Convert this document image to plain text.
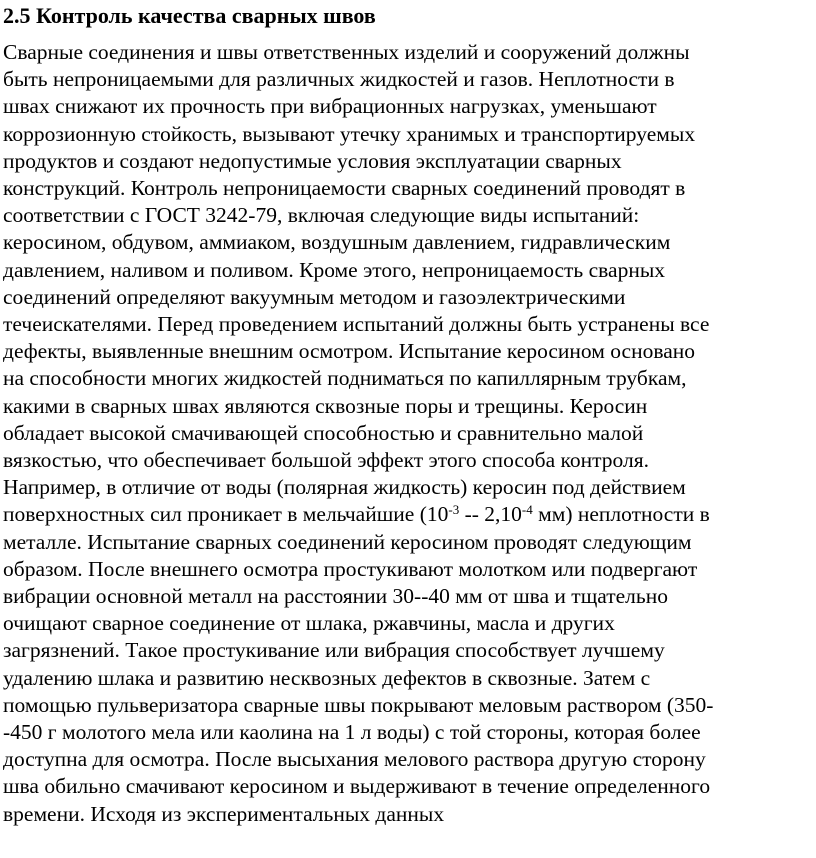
2.5 Контроль качества сварных швов

Сварные соединения и швы ответственных изделий и сооружений должны
быть непроницаемыми для различных жидкостей и газов. Неплотности в
швах снижают их прочность при вибрационных нагрузках, уменьшают
коррозионную стойкость, вызывают утечку хранимых и транспортируемых
продуктов и создают недопустимые условия эксплуатации сварных
конструкций. Контроль непроницаемости сварных соединений проводят в
соответствии с ГОСТ 3242-79, включая следующие виды испытаний:
керосином, обдувом, аммиаком, воздушным давлением, гидравлическим
давлением, наливом и поливом. Кроме этого, непроницаемость сварных
соединений определяют вакуумным методом и газоэлектрическими
течеискателями. Перед проведением испытаний должны быть устранены все
дефекты, выявленные внешним осмотром. Испытание керосином основано
на способности многих жидкостей подниматься по капиллярным трубкам,
какими в сварных швах являются сквозные поры и трещины. Керосин
обладает высокой смачивающей способностью и сравнительно малой
вязкостью, что обеспечивает большой эффект этого способа контроля.
Например, в отличие от воды (полярная жидкость) керосин под действием
поверхностных сил проникает в мельчайшие ($10^{-3} -- 2,10^{-4}$ мм) неплотности в
металле. Испытание сварных соединений керосином проводят следующим
образом. После внешнего осмотра простукивают молотком или подвергают
вибрации основной металл на расстоянии 30--40 мм от шва и тщательно
очищают сварное соединение от шлака, ржавчины, масла и других
загрязнений. Такое простукивание или вибрация способствует лучшему
удалению шлака и развитию несквозных дефектов в сквозные. Затем с
помощью пульверизатора сварные швы покрывают меловым раствором (350-
-450 г молотого мела или каолина на 1 л воды) с той стороны, которая более
доступна для осмотра. После высыхания мелового раствора другую сторону
шва обильно смачивают керосином и выдерживают в течение определенного
времени. Исходя из экспериментальных данных
